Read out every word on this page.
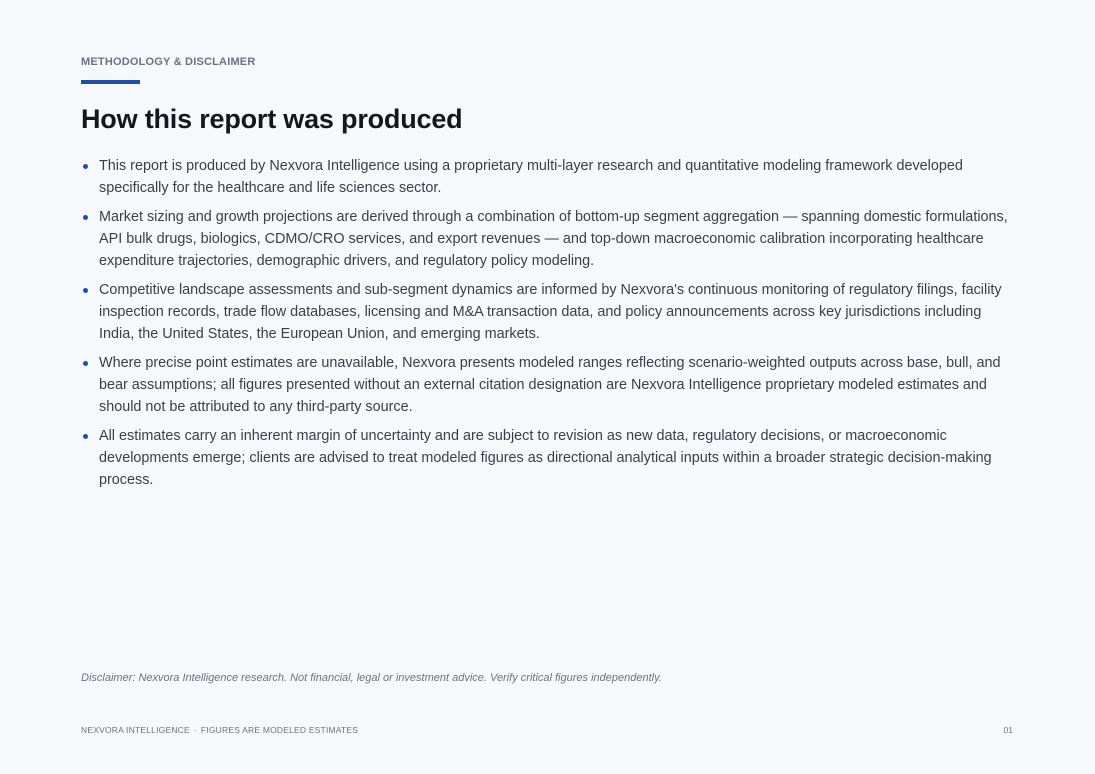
METHODOLOGY & DISCLAIMER
How this report was produced
This report is produced by Nexvora Intelligence using a proprietary multi-layer research and quantitative modeling framework developed specifically for the healthcare and life sciences sector.
Market sizing and growth projections are derived through a combination of bottom-up segment aggregation — spanning domestic formulations, API bulk drugs, biologics, CDMO/CRO services, and export revenues — and top-down macroeconomic calibration incorporating healthcare expenditure trajectories, demographic drivers, and regulatory policy modeling.
Competitive landscape assessments and sub-segment dynamics are informed by Nexvora's continuous monitoring of regulatory filings, facility inspection records, trade flow databases, licensing and M&A transaction data, and policy announcements across key jurisdictions including India, the United States, the European Union, and emerging markets.
Where precise point estimates are unavailable, Nexvora presents modeled ranges reflecting scenario-weighted outputs across base, bull, and bear assumptions; all figures presented without an external citation designation are Nexvora Intelligence proprietary modeled estimates and should not be attributed to any third-party source.
All estimates carry an inherent margin of uncertainty and are subject to revision as new data, regulatory decisions, or macroeconomic developments emerge; clients are advised to treat modeled figures as directional analytical inputs within a broader strategic decision-making process.

Disclaimer: Nexvora Intelligence research. Not financial, legal or investment advice. Verify critical figures independently.

NEXVORA INTELLIGENCE · FIGURES ARE MODELED ESTIMATES	01
